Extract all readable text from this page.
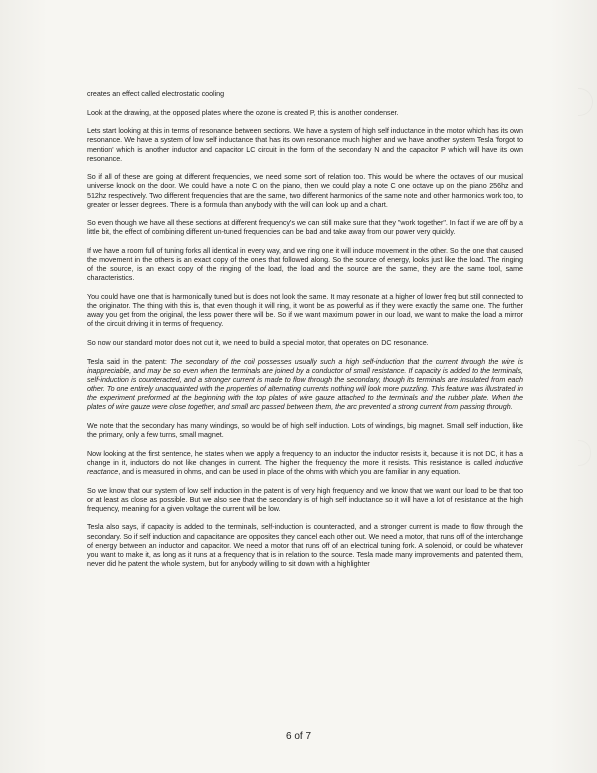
creates an effect called electrostatic cooling

Look at the drawing, at the opposed plates where the ozone is created P, this is another condenser.

Lets start looking at this in terms of resonance between sections. We have a system of high self inductance in the motor which has its own resonance. We have a system of low self inductance that has its own resonance much higher and we have another system Tesla 'forgot to mention' which is another inductor and capacitor LC circuit in the form of the secondary N and the capacitor P which will have its own resonance.

So if all of these are going at different frequencies, we need some sort of relation too. This would be where the octaves of our musical universe knock on the door. We could have a note C on the piano, then we could play a note C one octave up on the piano 256hz and 512hz respectively. Two different frequencies that are the same, two different harmonics of the same note and other harmonics work too, to greater or lesser degrees. There is a formula than anybody with the will can look up and a chart.

So even though we have all these sections at different frequency's we can still make sure that they "work together". In fact if we are off by a little bit, the effect of combining different un-tuned frequencies can be bad and take away from our power very quickly.

If we have a room full of tuning forks all identical in every way, and we ring one it will induce movement in the other. So the one that caused the movement in the others is an exact copy of the ones that followed along. So the source of energy, looks just like the load. The ringing of the source, is an exact copy of the ringing of the load, the load and the source are the same, they are the same tool, same characteristics.

You could have one that is harmonically tuned but is does not look the same. It may resonate at a higher of lower freq but still connected to the originator. The thing with this is, that even though it will ring, it wont be as powerful as if they were exactly the same one. The further away you get from the original, the less power there will be. So if we want maximum power in our load, we want to make the load a mirror of the circuit driving it in terms of frequency.

So now our standard motor does not cut it, we need to build a special motor, that operates on DC resonance.

Tesla said in the patent: The secondary of the coil possesses usually such a high self-induction that the current through the wire is inappreciable, and may be so even when the terminals are joined by a conductor of small resistance. If capacity is added to the terminals, self-induction is counteracted, and a stronger current is made to flow through the secondary, though its terminals are insulated from each other. To one entirely unacquainted with the properties of alternating currents nothing will look more puzzling. This feature was illustrated in the experiment preformed at the beginning with the top plates of wire gauze attached to the terminals and the rubber plate. When the plates of wire gauze were close together, and small arc passed between them, the arc prevented a strong current from passing through.

We note that the secondary has many windings, so would be of high self induction. Lots of windings, big magnet. Small self induction, like the primary, only a few turns, small magnet.

Now looking at the first sentence, he states when we apply a frequency to an inductor the inductor resists it, because it is not DC, it has a change in it, inductors do not like changes in current. The higher the frequency the more it resists. This resistance is called inductive reactance, and is measured in ohms, and can be used in place of the ohms with which you are familiar in any equation.

So we know that our system of low self induction in the patent is of very high frequency and we know that we want our load to be that too or at least as close as possible. But we also see that the secondary is of high self inductance so it will have a lot of resistance at the high frequency, meaning for a given voltage the current will be low.

Tesla also says, if capacity is added to the terminals, self-induction is counteracted, and a stronger current is made to flow through the secondary. So if self induction and capacitance are opposites they cancel each other out. We need a motor, that runs off of the interchange of energy between an inductor and capacitor. We need a motor that runs off of an electrical tuning fork. A solenoid, or could be whatever you want to make it, as long as it runs at a frequency that is in relation to the source. Tesla made many improvements and patented them, never did he patent the whole system, but for anybody willing to sit down with a highlighter

6 of 7
